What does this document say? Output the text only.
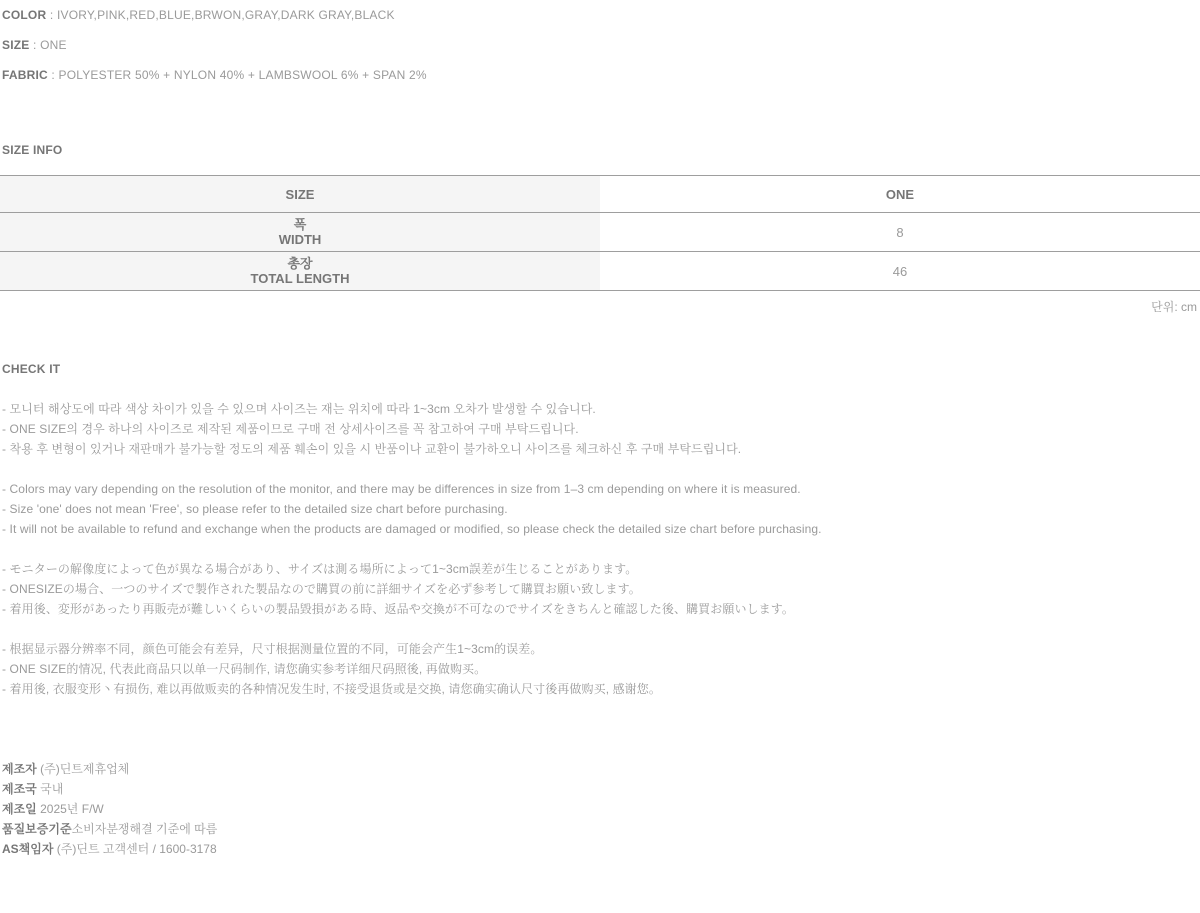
COLOR : IVORY,PINK,RED,BLUE,BRWON,GRAY,DARK GRAY,BLACK

SIZE : ONE

FABRIC : POLYESTER 50% + NYLON 40% + LAMBSWOOL 6% + SPAN 2%

SIZE INFO
SIZE	ONE
폭
WIDTH	8
총장
TOTAL LENGTH	46
단위: cm
CHECK IT

- 모니터 해상도에 따라 색상 차이가 있을 수 있으며 사이즈는 재는 위치에 따라 1~3cm 오차가 발생할 수 있습니다.

- ONE SIZE의 경우 하나의 사이즈로 제작된 제품이므로 구매 전 상세사이즈를 꼭 참고하여 구매 부탁드립니다.

- 착용 후 변형이 있거나 재판매가 불가능할 정도의 제품 훼손이 있을 시 반품이나 교환이 불가하오니 사이즈를 체크하신 후 구매 부탁드립니다.

- Colors may vary depending on the resolution of the monitor, and there may be differences in size from 1–3 cm depending on where it is measured.

- Size 'one' does not mean 'Free', so please refer to the detailed size chart before purchasing.

- It will not be available to refund and exchange when the products are damaged or modified, so please check the detailed size chart before purchasing.

- モニターの解像度によって色が異なる場合があり、サイズは測る場所によって1~3cm誤差が生じることがあります。

- ONESIZEの場合、一つのサイズで製作された製品なので購買の前に詳細サイズを必ず参考して購買お願い致します。

- 着用後、変形があったり再販売が難しいくらいの製品毀損がある時、返品や交換が不可なのでサイズをきちんと確認した後、購買お願いします。

- 根据显示器分辨率不同，颜色可能会有差异，尺寸根据测量位置的不同，可能会产生1~3cm的误差。

- ONE SIZE的情况, 代表此商品只以单一尺码制作, 请您确实参考详细尺码照後, 再做购买。

- 着用後, 衣服变形丶有损伤, 难以再做贩卖的各种情况发生时, 不接受退货或是交换, 请您确实确认尺寸後再做购买, 感谢您。

제조자 (주)딘트제휴업체

제조국 국내

제조일 2025년 F/W

품질보증기준소비자분쟁해결 기준에 따름

AS책임자 (주)딘트 고객센터 / 1600-3178
